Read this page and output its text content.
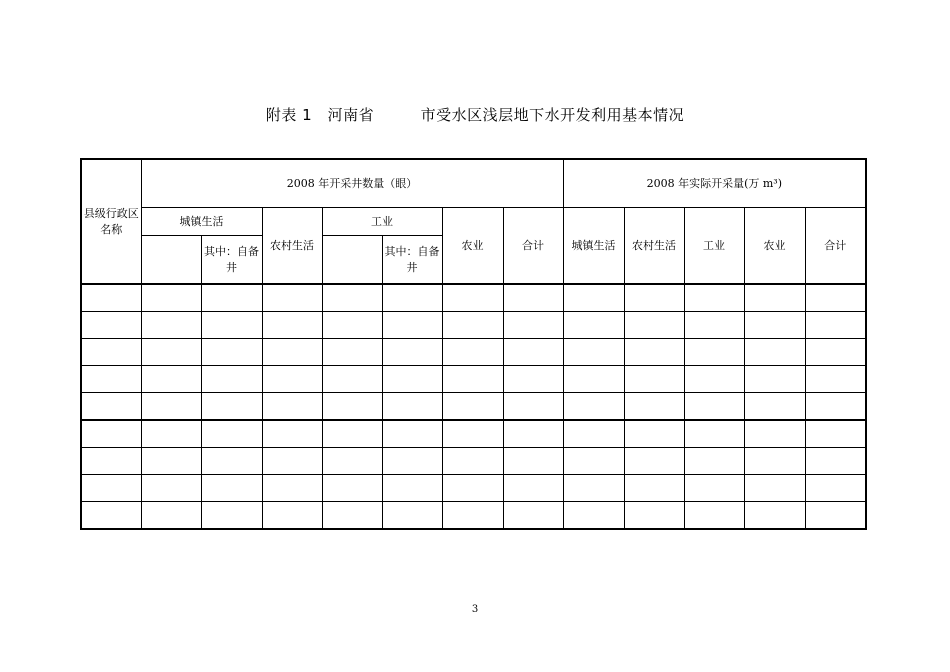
附表 1　河南省　　　市受水区浅层地下水开发利用基本情况
县级行政区名称	2008 年开采井数量（眼）							2008 年实际开采量(万 m³)				
	城镇生活		农村生活	工业		农业	合计	城镇生活	农村生活	工业	农业	合计
		其中：自备井			其中：自备井							

3
